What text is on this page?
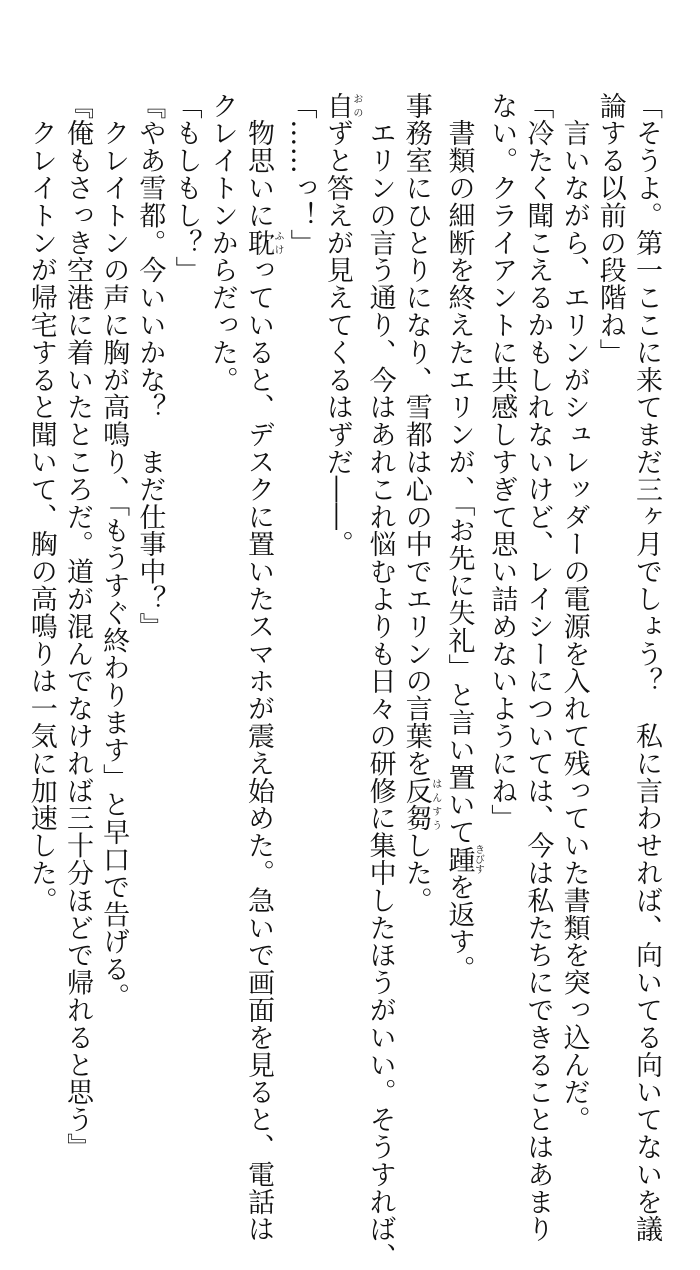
「そうよ。第一ここに来てまだ三ヶ月でしょう？　私に言わせれば、向いてる向いてないを議
論する以前の段階ね」
　言いながら、エリンがシュレッダーの電源を入れて残っていた書類を突っ込んだ。
「冷たく聞こえるかもしれないけど、レイシーについては、今は私たちにできることはあまり
ない。クライアントに共感しすぎて思い詰めないようにね」
　書類の細断を終えたエリンが、「お先に失礼」と言い置いて踵きびすを返す。
事務室にひとりになり、雪都は心の中でエリンの言葉を反芻はんすうした。
　エリンの言う通り、今はあれこれ悩むよりも日々の研修に集中したほうがいい。そうすれば、
自おのずと答えが見えてくるはずだ――。
「……っ！」
　物思いに耽ふけっていると、デスクに置いたスマホが震え始めた。急いで画面を見ると、電話は
クレイトンからだった。
「もしもし？」
『やあ雪都。今いいかな？　まだ仕事中？』
　クレイトンの声に胸が高鳴り、「もうすぐ終わります」と早口で告げる。
『俺もさっき空港に着いたところだ。道が混んでなければ三十分ほどで帰れると思う』
　クレイトンが帰宅すると聞いて、胸の高鳴りは一気に加速した。
